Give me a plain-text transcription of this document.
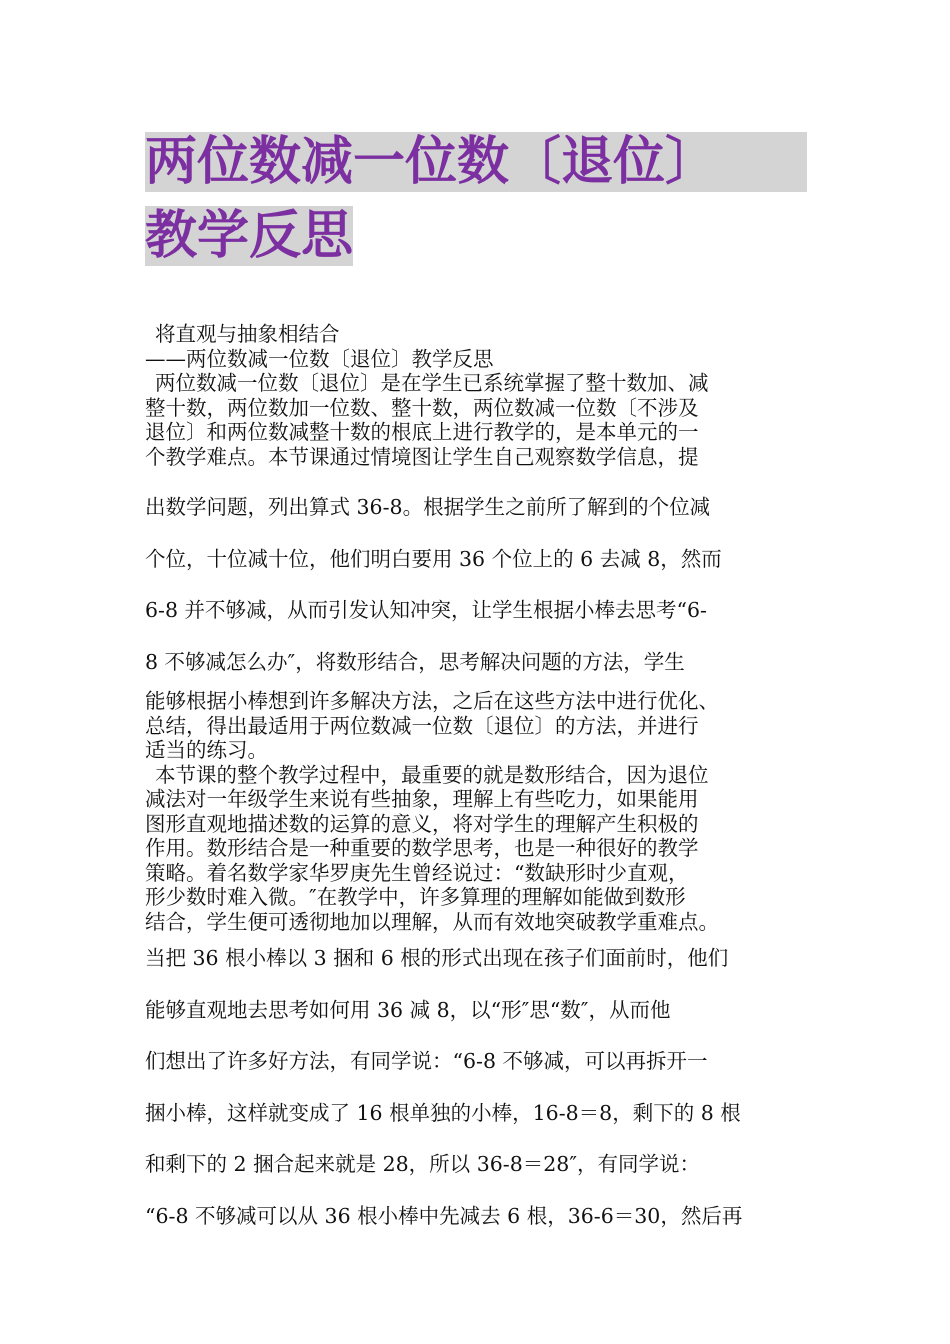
两位数减一位数〔退位〕
教学反思

将直观与抽象相结合

——两位数减一位数〔退位〕教学反思

两位数减一位数〔退位〕是在学生已系统掌握了整十数加、减

整十数，两位数加一位数、整十数，两位数减一位数〔不涉及

退位〕和两位数减整十数的根底上进行教学的，是本单元的一

个教学难点。本节课通过情境图让学生自己观察数学信息，提

出数学问题，列出算式 36-8。根据学生之前所了解到的个位减

个位，十位减十位，他们明白要用 36 个位上的 6 去减 8，然而

6-8 并不够减，从而引发认知冲突，让学生根据小棒去思考“6-

8 不够减怎么办″，将数形结合，思考解决问题的方法，学生

能够根据小棒想到许多解决方法，之后在这些方法中进行优化、

总结，得出最适用于两位数减一位数〔退位〕的方法，并进行

适当的练习。

本节课的整个教学过程中，最重要的就是数形结合，因为退位

减法对一年级学生来说有些抽象，理解上有些吃力，如果能用

图形直观地描述数的运算的意义，将对学生的理解产生积极的

作用。数形结合是一种重要的数学思考，也是一种很好的教学

策略。着名数学家华罗庚先生曾经说过：“数缺形时少直观，

形少数时难入微。″在教学中，许多算理的理解如能做到数形

结合，学生便可透彻地加以理解，从而有效地突破教学重难点。

当把 36 根小棒以 3 捆和 6 根的形式出现在孩子们面前时，他们

能够直观地去思考如何用 36 减 8，以“形″思“数″，从而他

们想出了许多好方法，有同学说：“6-8 不够减，可以再拆开一

捆小棒，这样就变成了 16 根单独的小棒，16-8＝8，剩下的 8 根

和剩下的 2 捆合起来就是 28，所以 36-8＝28″，有同学说：

“6-8 不够减可以从 36 根小棒中先减去 6 根，36-6＝30，然后再
